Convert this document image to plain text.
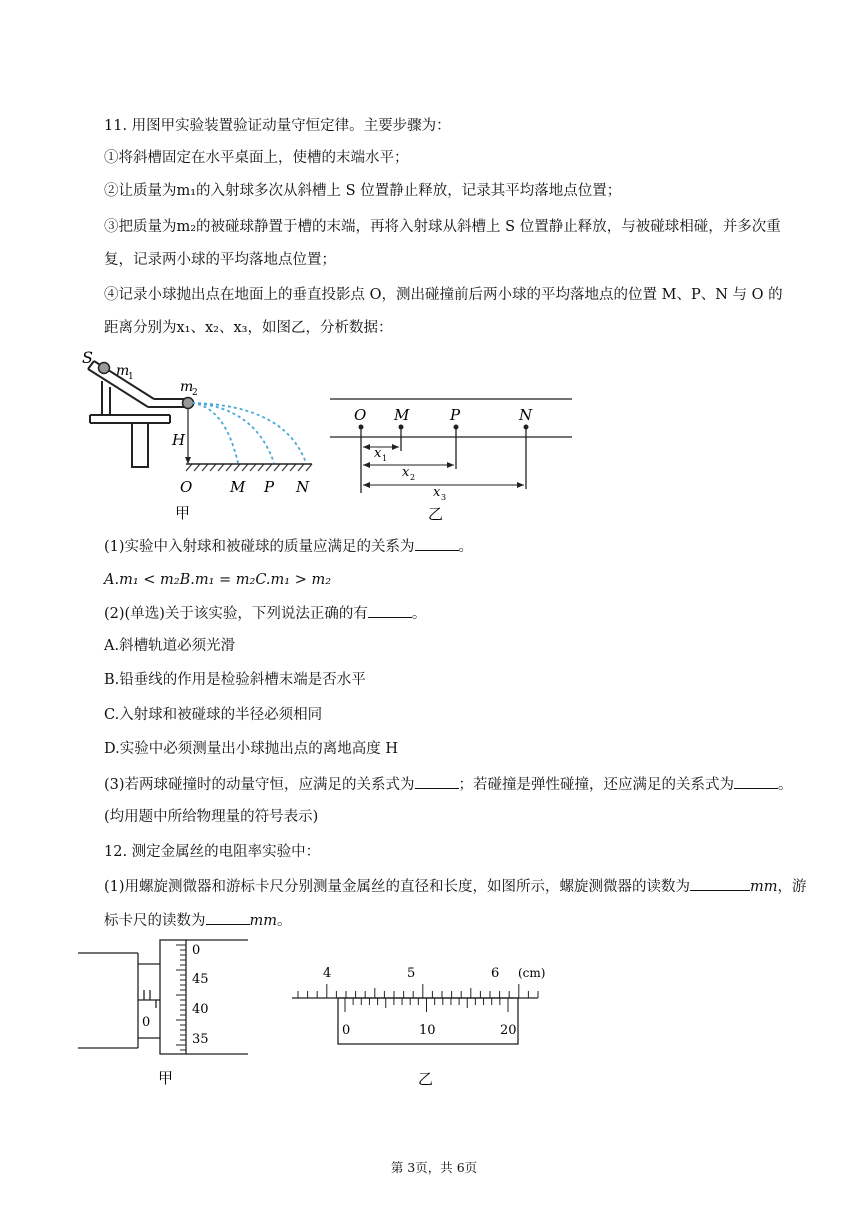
11. 用图甲实验装置验证动量守恒定律。主要步骤为：
①将斜槽固定在水平桌面上，使槽的末端水平；
②让质量为m₁的入射球多次从斜槽上 S 位置静止释放，记录其平均落地点位置；
③把质量为m₂的被碰球静置于槽的末端，再将入射球从斜槽上 S 位置静止释放，与被碰球相碰，并多次重
复，记录两小球的平均落地点位置；
④记录小球抛出点在地面上的垂直投影点 O，测出碰撞前后两小球的平均落地点的位置 M、P、N 与 O 的
距离分别为x₁、x₂、x₃，如图乙，分析数据：
S
m
1
m
2
H
O	M P N
甲
O M	P	N
x 1
x 2
x 3
乙
(1)实验中入射球和被碰球的质量应满足的关系为	。
A.m₁ < m₂B.m₁ = m₂C.m₁ > m₂
(2)(单选)关于该实验，下列说法正确的有	。
A.斜槽轨道必须光滑
B.铅垂线的作用是检验斜槽末端是否水平
C.入射球和被碰球的半径必须相同
D.实验中必须测量出小球抛出点的离地高度 H
(3)若两球碰撞时的动量守恒，应满足的关系式为	；若碰撞是弹性碰撞，还应满足的关系式为	。
(均用题中所给物理量的符号表示)
12. 测定金属丝的电阻率实验中：
(1)用螺旋测微器和游标卡尺分别测量金属丝的直径和长度，如图所示，螺旋测微器的读数为	mm，游
标卡尺的读数为	mm。
0
45
40
35
0
甲
4	5	6 (cm)
0	10	20
乙
第 3页，共 6页
